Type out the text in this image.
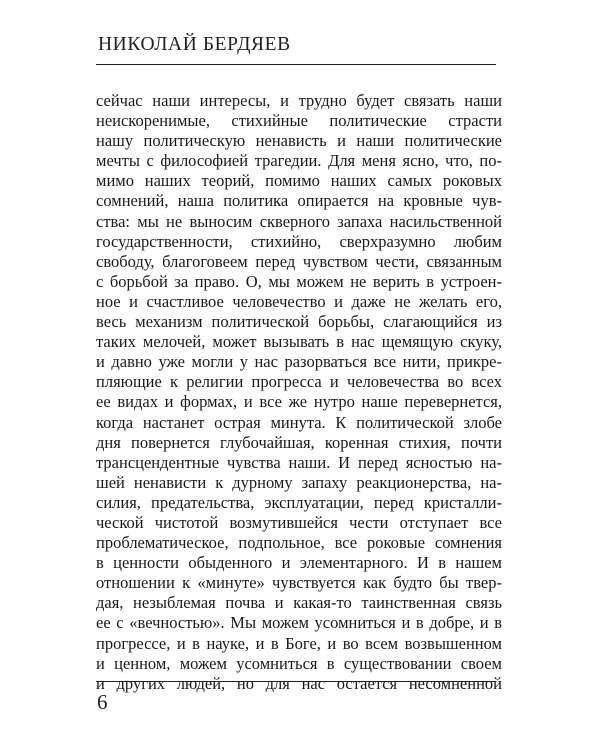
НИКОЛАЙ БЕРДЯЕВ
сейчас наши интересы, и трудно будет связать наши
неискоренимые, стихийные политические страсти
нашу политическую ненависть и наши политические
мечты с философией трагедии. Для меня ясно, что, по-
мимо наших теорий, помимо наших самых роковых
сомнений, наша политика опирается на кровные чув-
ства: мы не выносим скверного запаха насильственной
государственности, стихийно, сверхразумно любим
свободу, благоговеем перед чувством чести, связанным
с борьбой за право. О, мы можем не верить в устроен-
ное и счастливое человечество и даже не желать его,
весь механизм политической борьбы, слагающийся из
таких мелочей, может вызывать в нас щемящую скуку,
и давно уже могли у нас разорваться все нити, прикре-
пляющие к религии прогресса и человечества во всех
ее видах и формах, и все же нутро наше перевернется,
когда настанет острая минута. К политической злобе
дня повернется глубочайшая, коренная стихия, почти
трансцендентные чувства наши. И перед ясностью на-
шей ненависти к дурному запаху реакционерства, на-
силия, предательства, эксплуатации, перед кристалли-
ческой чистотой возмутившейся чести отступает все
проблематическое, подпольное, все роковые сомнения
в ценности обыденного и элементарного. И в нашем
отношении к «минуте» чувствуется как будто бы твер-
дая, незыблемая почва и какая-то таинственная связь
ее с «вечностью». Мы можем усомниться и в добре, и в
прогрессе, и в науке, и в Боге, и во всем возвышенном
и ценном, можем усомниться в существовании своем
и других людей, но для нас остается несомненной
6
